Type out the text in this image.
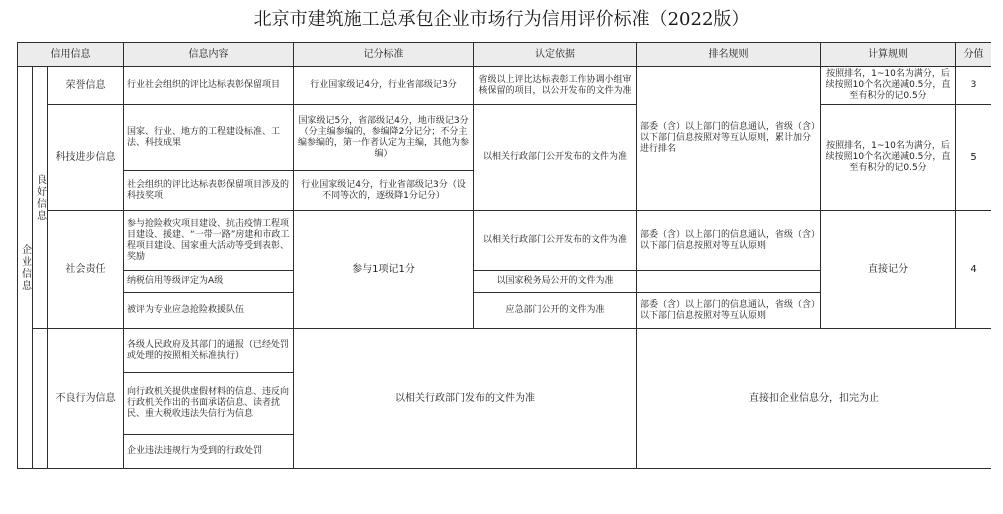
北京市建筑施工总承包企业市场行为信用评价标准（2022版）
信用信息			信息内容	记分标准	认定依据	排名规则	计算规则	分值
企业信息	良好信息	荣誉信息	行业社会组织的评比达标表彰保留项目	行业国家级记4分，行业省部级记3分	省级以上评比达标表彰工作协调小组审核保留的项目，以公开发布的文件为准	部委（含）以上部门的信息通认，省级（含）以下部门信息按照对等互认原则，累计加分进行排名	按照排名，1~10名为满分，后续按照10个名次递减0.5分，直至有积分的记0.5分	3
		科技进步信息	国家、行业、地方的工程建设标准、工法、科技成果	国家级记5分，省部级记4分，地市级记3分（分主编参编的，参编降2分记分；不分主编参编的，第一作者认定为主编，其他为参编）	以相关行政部门公开发布的文件为准		按照排名，1~10名为满分，后续按照10个名次递减0.5分，直至有积分的记0.5分	5
			社会组织的评比达标表彰保留项目涉及的科技奖项	行业国家级记4分，行业省部级记3分（设不同等次的，逐级降1分记分）				
		社会责任	参与抢险救灾项目建设、抗击疫情工程项目建设、援建、“一带一路”房建和市政工程项目建设、国家重大活动等受到表彰、奖励	参与1项记1分	以相关行政部门公开发布的文件为准	部委（含）以上部门的信息通认，省级（含）以下部门信息按照对等互认原则	直接记分	4
			纳税信用等级评定为A级		以国家税务局公开的文件为准			
			被评为专业应急抢险救援队伍		应急部门公开的文件为准	部委（含）以上部门的信息通认，省级（含）以下部门信息按照对等互认原则		
		不良行为信息	各级人民政府及其部门的通报（已经处罚或处理的按照相关标准执行）	以相关行政部门发布的文件为准		直接扣企业信息分，扣完为止		
			向行政机关提供虚假材料的信息、违反向行政机关作出的书面承诺信息、读者扰民、重大税收违法失信行为信息					
			企业违法违规行为受到的行政处罚					
